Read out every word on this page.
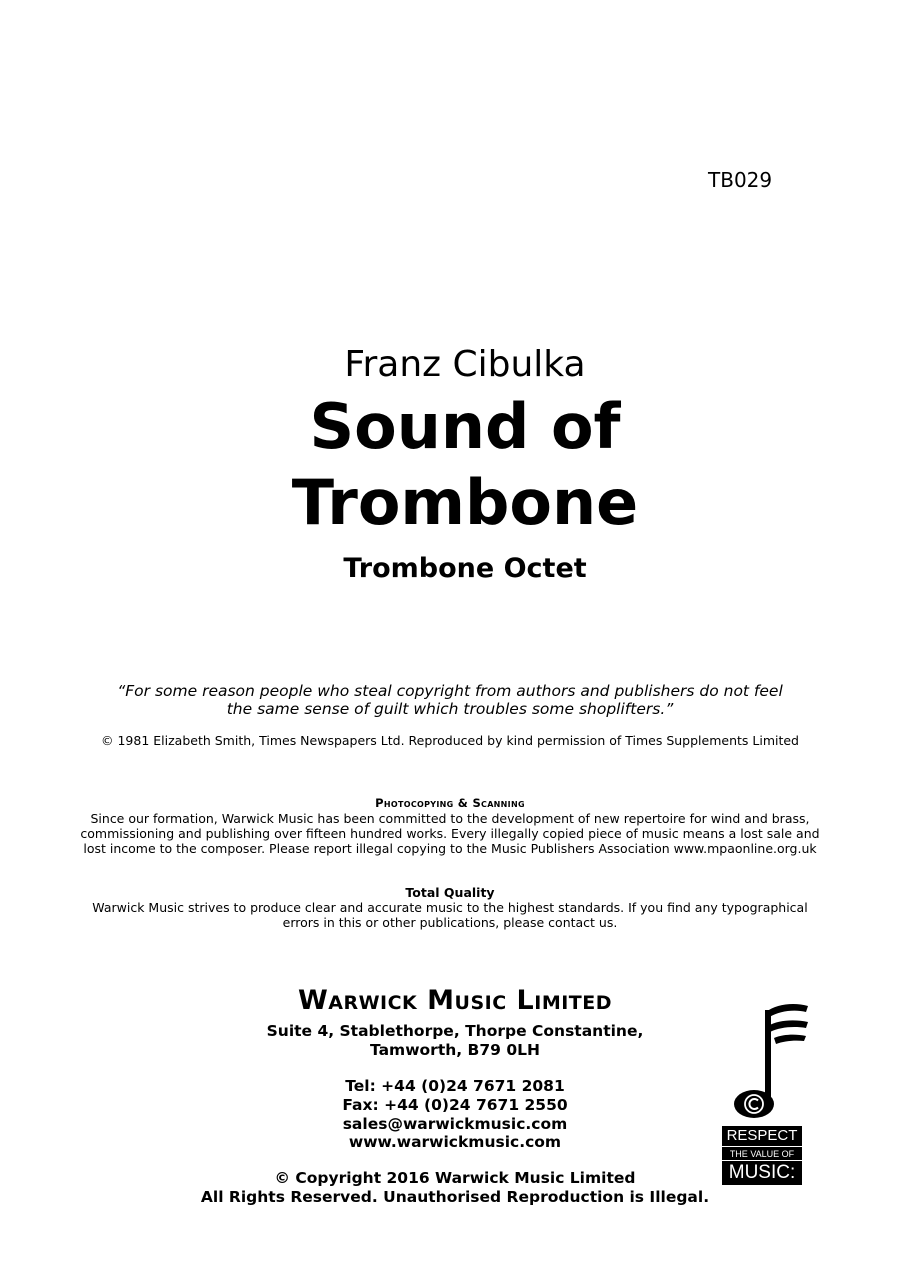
TB029
Franz Cibulka
Sound of
Trombone
Trombone Octet
“For some reason people who steal copyright from authors and publishers do not feel
the same sense of guilt which troubles some shoplifters.”
© 1981 Elizabeth Smith, Times Newspapers Ltd. Reproduced by kind permission of Times Supplements Limited
Photocopying & Scanning
Since our formation, Warwick Music has been committed to the development of new repertoire for wind and brass,
commissioning and publishing over fifteen hundred works. Every illegally copied piece of music means a lost sale and
lost income to the composer. Please report illegal copying to the Music Publishers Association www.mpaonline.org.uk
Total Quality
Warwick Music strives to produce clear and accurate music to the highest standards. If you find any typographical
errors in this or other publications, please contact us.
Warwick Music Limited
Suite 4, Stablethorpe, Thorpe Constantine,
Tamworth, B79 0LH
Tel: +44 (0)24 7671 2081
Fax: +44 (0)24 7671 2550
sales@warwickmusic.com
www.warwickmusic.com
© Copyright 2016 Warwick Music Limited
All Rights Reserved. Unauthorised Reproduction is Illegal.
RESPECT
THE VALUE OF
MUSIC:
